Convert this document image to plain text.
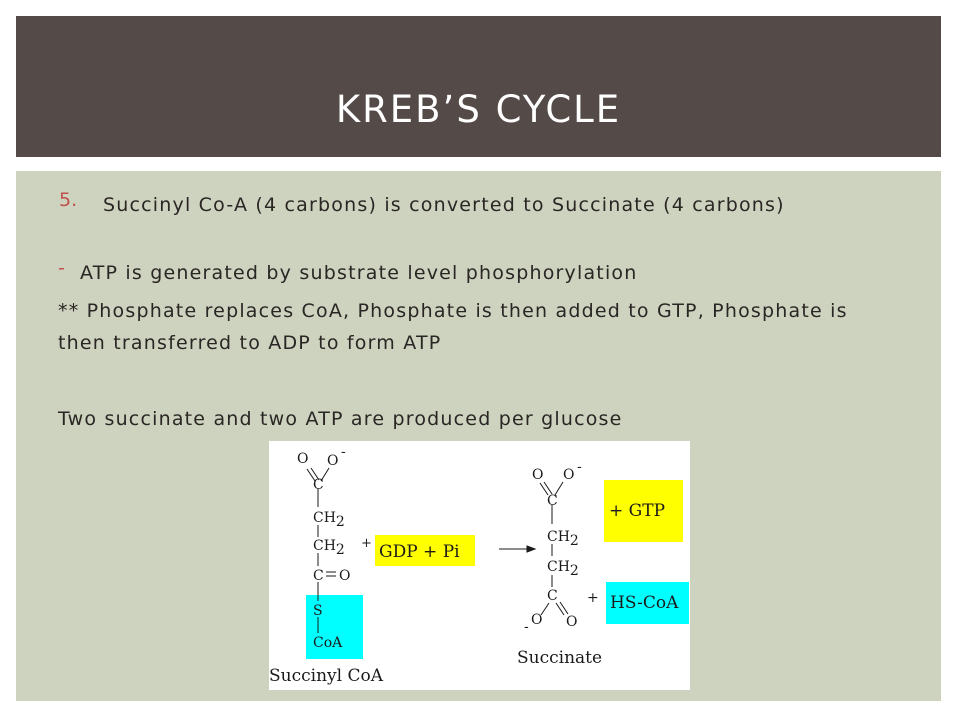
KREB’S CYCLE
5. Succinyl Co-A (4 carbons) is converted to Succinate (4 carbons)

- ATP is generated by substrate level phosphorylation

** Phosphate replaces CoA, Phosphate is then added to GTP, Phosphate is then transferred to ADP to form ATP

Two succinate and two ATP are produced per glucose

O O
-
C
CH2
CH2
C O
S
CoA
Succinyl CoA
+ GDP + Pi
O O -
C
CH2
CH2
C
O
-	O
Succinate
+ GTP
+ HS-CoA
